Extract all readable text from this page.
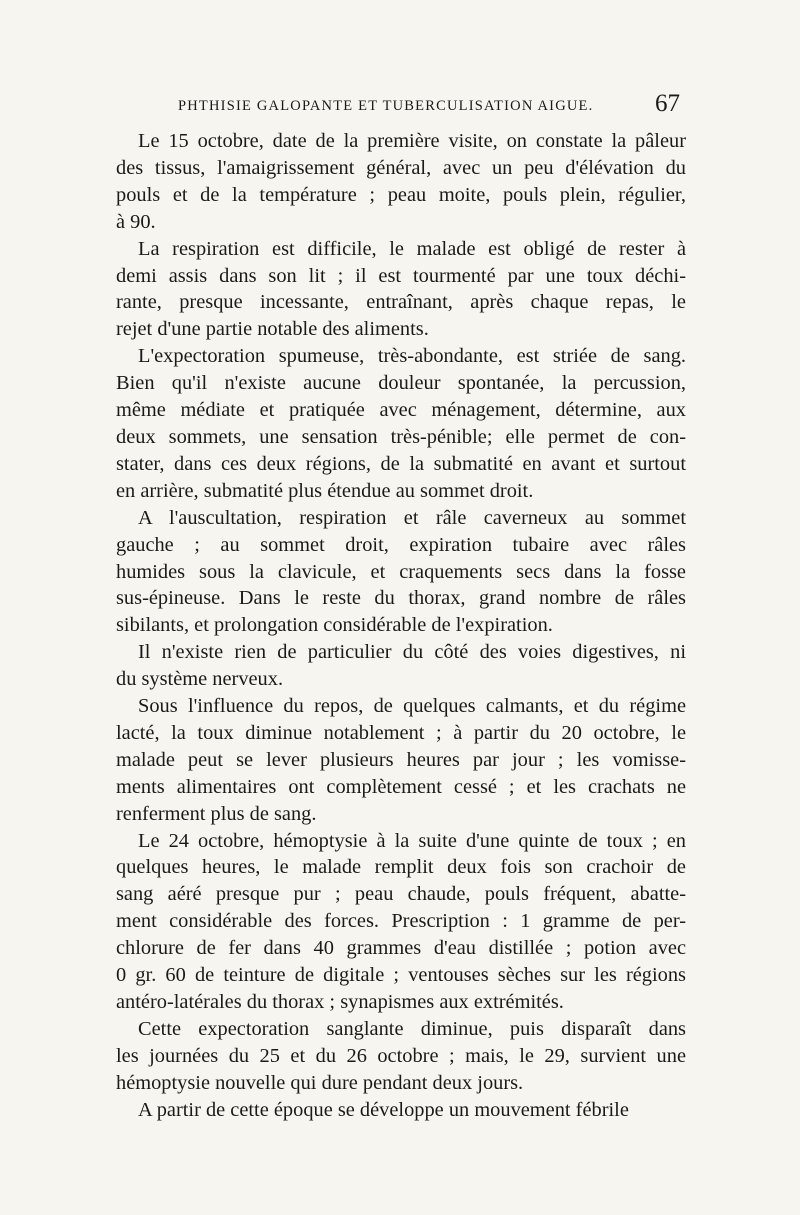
PHTHISIE GALOPANTE ET TUBERCULISATION AIGUE. 67
Le 15 octobre, date de la première visite, on constate la pâleur
des tissus, l'amaigrissement général, avec un peu d'élévation du
pouls et de la température ; peau moite, pouls plein, régulier,
à 90.
La respiration est difficile, le malade est obligé de rester à
demi assis dans son lit ; il est tourmenté par une toux déchi-
rante, presque incessante, entraînant, après chaque repas, le
rejet d'une partie notable des aliments.
L'expectoration spumeuse, très-abondante, est striée de sang.
Bien qu'il n'existe aucune douleur spontanée, la percussion,
même médiate et pratiquée avec ménagement, détermine, aux
deux sommets, une sensation très-pénible; elle permet de con-
stater, dans ces deux régions, de la submatité en avant et surtout
en arrière, submatité plus étendue au sommet droit.
A l'auscultation, respiration et râle caverneux au sommet
gauche ; au sommet droit, expiration tubaire avec râles
humides sous la clavicule, et craquements secs dans la fosse
sus-épineuse. Dans le reste du thorax, grand nombre de râles
sibilants, et prolongation considérable de l'expiration.
Il n'existe rien de particulier du côté des voies digestives, ni
du système nerveux.
Sous l'influence du repos, de quelques calmants, et du régime
lacté, la toux diminue notablement ; à partir du 20 octobre, le
malade peut se lever plusieurs heures par jour ; les vomisse-
ments alimentaires ont complètement cessé ; et les crachats ne
renferment plus de sang.
Le 24 octobre, hémoptysie à la suite d'une quinte de toux ; en
quelques heures, le malade remplit deux fois son crachoir de
sang aéré presque pur ; peau chaude, pouls fréquent, abatte-
ment considérable des forces. Prescription : 1 gramme de per-
chlorure de fer dans 40 grammes d'eau distillée ; potion avec
0 gr. 60 de teinture de digitale ; ventouses sèches sur les régions
antéro-latérales du thorax ; synapismes aux extrémités.
Cette expectoration sanglante diminue, puis disparaît dans
les journées du 25 et du 26 octobre ; mais, le 29, survient une
hémoptysie nouvelle qui dure pendant deux jours.
A partir de cette époque se développe un mouvement fébrile
